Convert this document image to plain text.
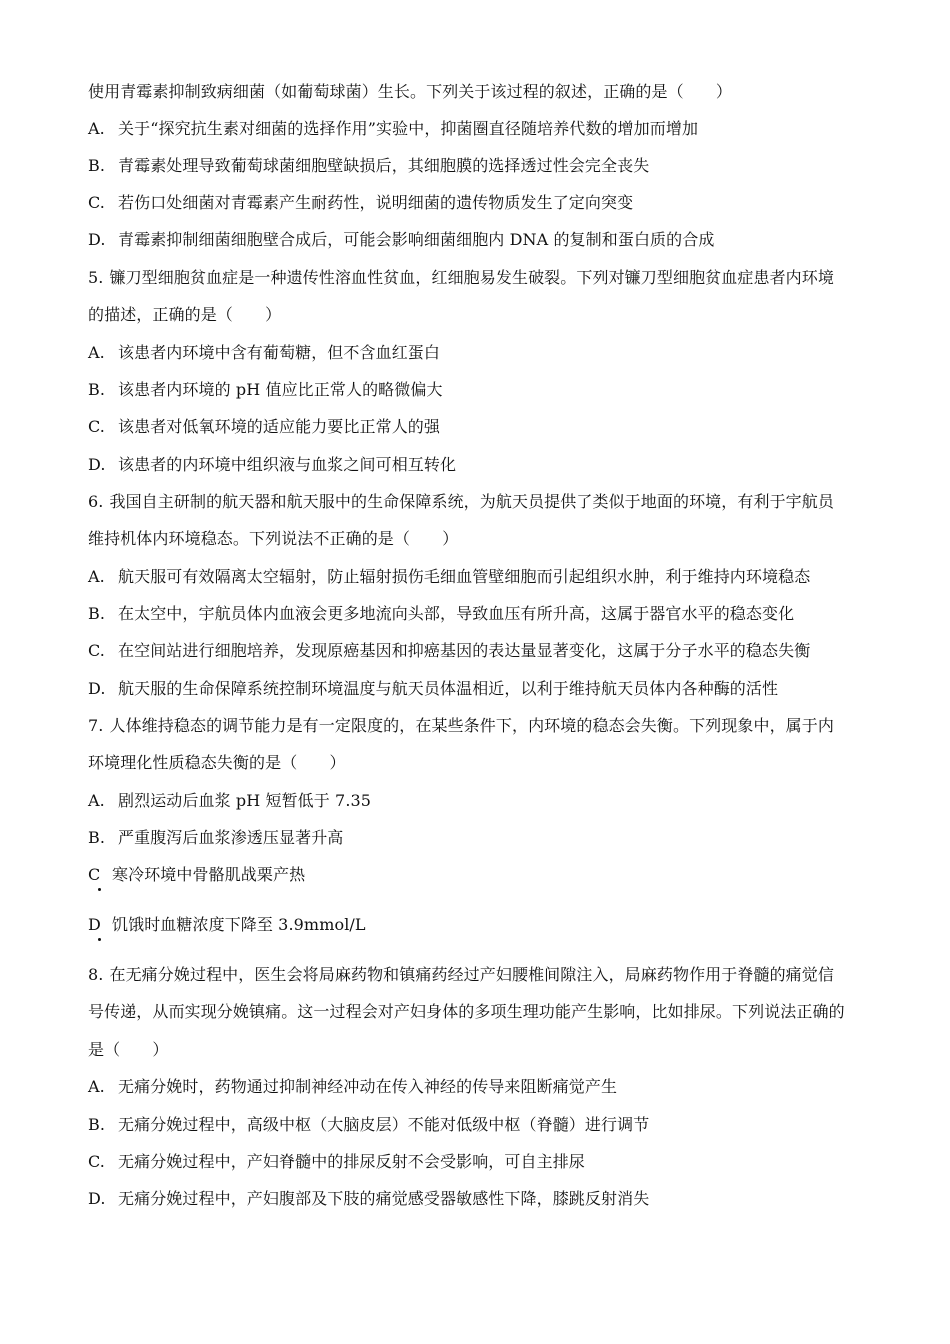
使用青霉素抑制致病细菌（如葡萄球菌）生长。下列关于该过程的叙述，正确的是（　　）
A. 关于“探究抗生素对细菌的选择作用”实验中，抑菌圈直径随培养代数的增加而增加
B. 青霉素处理导致葡萄球菌细胞壁缺损后，其细胞膜的选择透过性会完全丧失
C. 若伤口处细菌对青霉素产生耐药性，说明细菌的遗传物质发生了定向突变
D. 青霉素抑制细菌细胞壁合成后，可能会影响细菌细胞内 DNA 的复制和蛋白质的合成
5. 镰刀型细胞贫血症是一种遗传性溶血性贫血，红细胞易发生破裂。下列对镰刀型细胞贫血症患者内环境
的描述，正确的是（　　）
A. 该患者内环境中含有葡萄糖，但不含血红蛋白
B. 该患者内环境的 pH 值应比正常人的略微偏大
C. 该患者对低氧环境的适应能力要比正常人的强
D. 该患者的内环境中组织液与血浆之间可相互转化
6. 我国自主研制的航天器和航天服中的生命保障系统，为航天员提供了类似于地面的环境，有利于宇航员
维持机体内环境稳态。下列说法不正确的是（　　）
A. 航天服可有效隔离太空辐射，防止辐射损伤毛细血管壁细胞而引起组织水肿，利于维持内环境稳态
B. 在太空中，宇航员体内血液会更多地流向头部，导致血压有所升高，这属于器官水平的稳态变化
C. 在空间站进行细胞培养，发现原癌基因和抑癌基因的表达量显著变化，这属于分子水平的稳态失衡
D. 航天服的生命保障系统控制环境温度与航天员体温相近，以利于维持航天员体内各种酶的活性
7. 人体维持稳态的调节能力是有一定限度的，在某些条件下，内环境的稳态会失衡。下列现象中，属于内
环境理化性质稳态失衡的是（　　）
A. 剧烈运动后血浆 pH 短暂低于 7.35
B. 严重腹泻后血浆渗透压显著升高
C 寒冷环境中骨骼肌战栗产热
D 饥饿时血糖浓度下降至 3.9mmol/L
8. 在无痛分娩过程中，医生会将局麻药物和镇痛药经过产妇腰椎间隙注入，局麻药物作用于脊髓的痛觉信
号传递，从而实现分娩镇痛。这一过程会对产妇身体的多项生理功能产生影响，比如排尿。下列说法正确的
是（　　）
A. 无痛分娩时，药物通过抑制神经冲动在传入神经的传导来阻断痛觉产生
B. 无痛分娩过程中，高级中枢（大脑皮层）不能对低级中枢（脊髓）进行调节
C. 无痛分娩过程中，产妇脊髓中的排尿反射不会受影响，可自主排尿
D. 无痛分娩过程中，产妇腹部及下肢的痛觉感受器敏感性下降，膝跳反射消失
